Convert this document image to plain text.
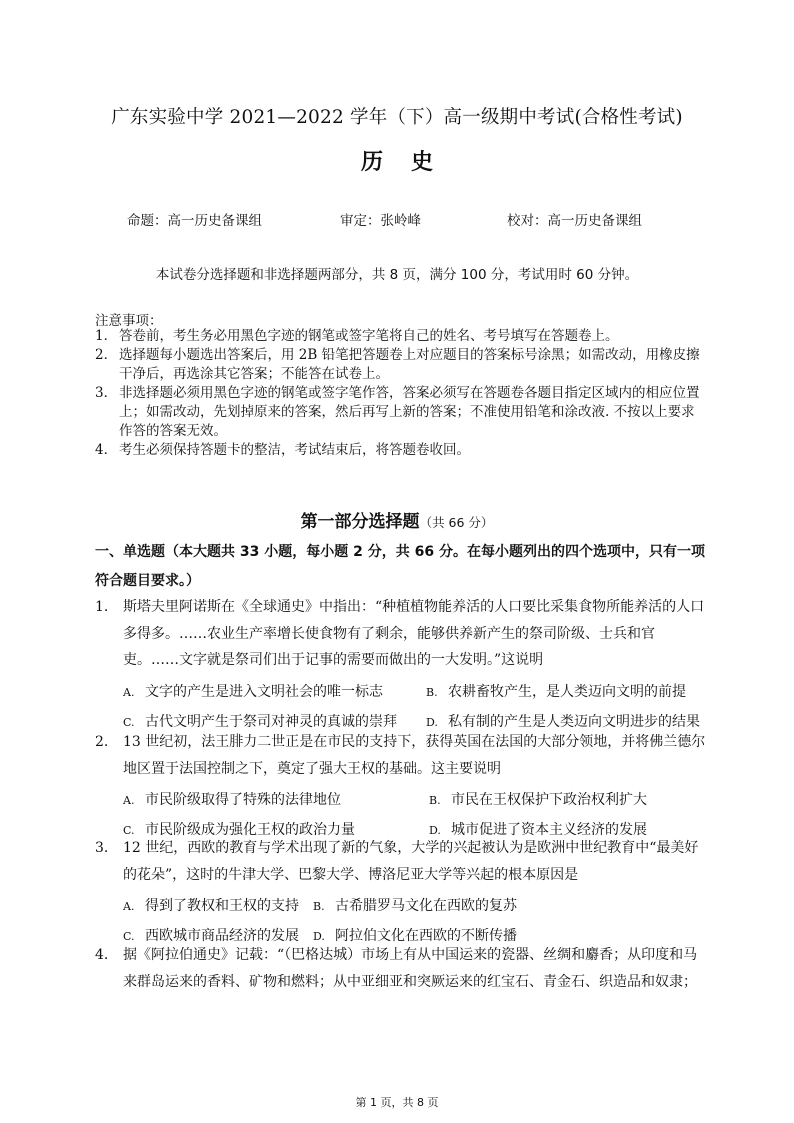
广东实验中学 2021—2022 学年（下）高一级期中考试(合格性考试)
历 史
命题：高一历史备课组	审定：张岭峰	校对：高一历史备课组
本试卷分选择题和非选择题两部分，共 8 页，满分 100 分，考试用时 60 分钟。
注意事项：

1． 答卷前，考生务必用黑色字迹的钢笔或签字笔将自己的姓名、考号填写在答题卷上。

2． 选择题每小题选出答案后，用 2B 铅笔把答题卷上对应题目的答案标号涂黑；如需改动，用橡皮擦干净后，再选涂其它答案；不能答在试卷上。

3． 非选择题必须用黑色字迹的钢笔或签字笔作答，答案必须写在答题卷各题目指定区域内的相应位置上；如需改动，先划掉原来的答案，然后再写上新的答案；不准使用铅笔和涂改液. 不按以上要求作答的答案无效。

4． 考生必须保持答题卡的整洁，考试结束后，将答题卷收回。

第一部分选择题（共 66 分）
一、单选题（本大题共 33 小题，每小题 2 分，共 66 分。在每小题列出的四个选项中，只有一项符合题目要求。）
1. 斯塔夫里阿诺斯在《全球通史》中指出：“种植植物能养活的人口要比采集食物所能养活的人口多得多。……农业生产率增长使食物有了剩余，能够供养新产生的祭司阶级、士兵和官吏。……文字就是祭司们出于记事的需要而做出的一大发明。”这说明
A. 文字的产生是进入文明社会的唯一标志	B. 农耕畜牧产生，是人类迈向文明的前提
C. 古代文明产生于祭司对神灵的真诚的崇拜	D. 私有制的产生是人类迈向文明进步的结果
2. 13 世纪初，法王腓力二世正是在市民的支持下，获得英国在法国的大部分领地，并将佛兰德尔地区置于法国控制之下，奠定了强大王权的基础。这主要说明
A. 市民阶级取得了特殊的法律地位	B. 市民在王权保护下政治权利扩大
C. 市民阶级成为强化王权的政治力量	D. 城市促进了资本主义经济的发展
3. 12 世纪，西欧的教育与学术出现了新的气象，大学的兴起被认为是欧洲中世纪教育中“最美好的花朵”，这时的牛津大学、巴黎大学、博洛尼亚大学等兴起的根本原因是
A. 得到了教权和王权的支持 B. 古希腊罗马文化在西欧的复苏
C. 西欧城市商品经济的发展 D. 阿拉伯文化在西欧的不断传播
4. 据《阿拉伯通史》记载：“（巴格达城）市场上有从中国运来的瓷器、丝绸和麝香；从印度和马来群岛运来的香料、矿物和燃料；从中亚细亚和突厥运来的红宝石、青金石、织造品和奴隶；
第 1 页，共 8 页
